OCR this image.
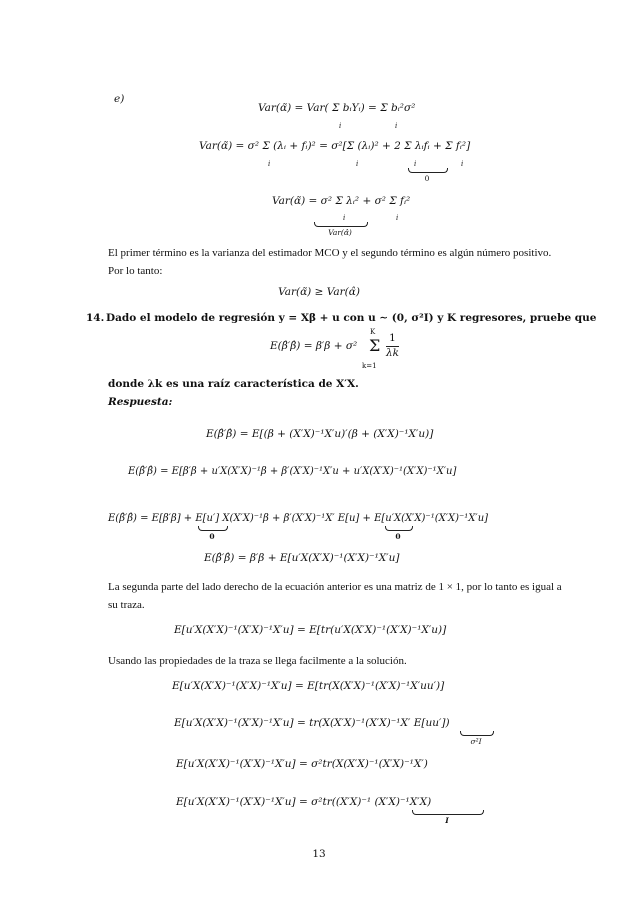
e)
Var(α̃) = Var( Σ bᵢYᵢ) = Σ bᵢ²σ²
i	i
Var(α̃) = σ² Σ (λᵢ + fᵢ)² = σ²[Σ (λᵢ)² + 2 Σ λᵢfᵢ + Σ fᵢ²]
i	i	i	i
0
Var(α̃) = σ² Σ λᵢ² + σ² Σ fᵢ²
i	i
Var(α̂)
El primer término es la varianza del estimador MCO y el segundo término es algún número positivo. Por lo tanto:
Var(α̃) ≥ Var(α̂)
14. Dado el modelo de regresión y = Xβ + u con u ∼ (0, σ²I) y K regresores, pruebe que
K
E(β̂′β̂) = β′β + σ² Σ
k=1
$\frac{1}{\lambda k}$
donde λk es una raíz característica de X′X.
Respuesta:
E(β̂′β̂) = E[(β + (X′X)⁻¹X′u)′(β + (X′X)⁻¹X′u)]
E(β̂′β̂) = E[β′β + u′X(X′X)⁻¹β + β′(X′X)⁻¹X′u + u′X(X′X)⁻¹(X′X)⁻¹X′u]
E(β̂′β̂) = E[β′β] + E[u′] X(X′X)⁻¹β + β′(X′X)⁻¹X′ E[u] + E[u′X(X′X)⁻¹(X′X)⁻¹X′u]
0	0
E(β̂′β̂) = β′β + E[u′X(X′X)⁻¹(X′X)⁻¹X′u]
La segunda parte del lado derecho de la ecuación anterior es una matriz de 1 × 1, por lo tanto es igual a su traza.
E[u′X(X′X)⁻¹(X′X)⁻¹X′u] = E[tr(u′X(X′X)⁻¹(X′X)⁻¹X′u)]
Usando las propiedades de la traza se llega facilmente a la solución.
E[u′X(X′X)⁻¹(X′X)⁻¹X′u] = E[tr(X(X′X)⁻¹(X′X)⁻¹X′uu′)]
E[u′X(X′X)⁻¹(X′X)⁻¹X′u] = tr(X(X′X)⁻¹(X′X)⁻¹X′ E[uu′])
σ²I
E[u′X(X′X)⁻¹(X′X)⁻¹X′u] = σ²tr(X(X′X)⁻¹(X′X)⁻¹X′)
E[u′X(X′X)⁻¹(X′X)⁻¹X′u] = σ²tr((X′X)⁻¹ (X′X)⁻¹X′X)
I
13
